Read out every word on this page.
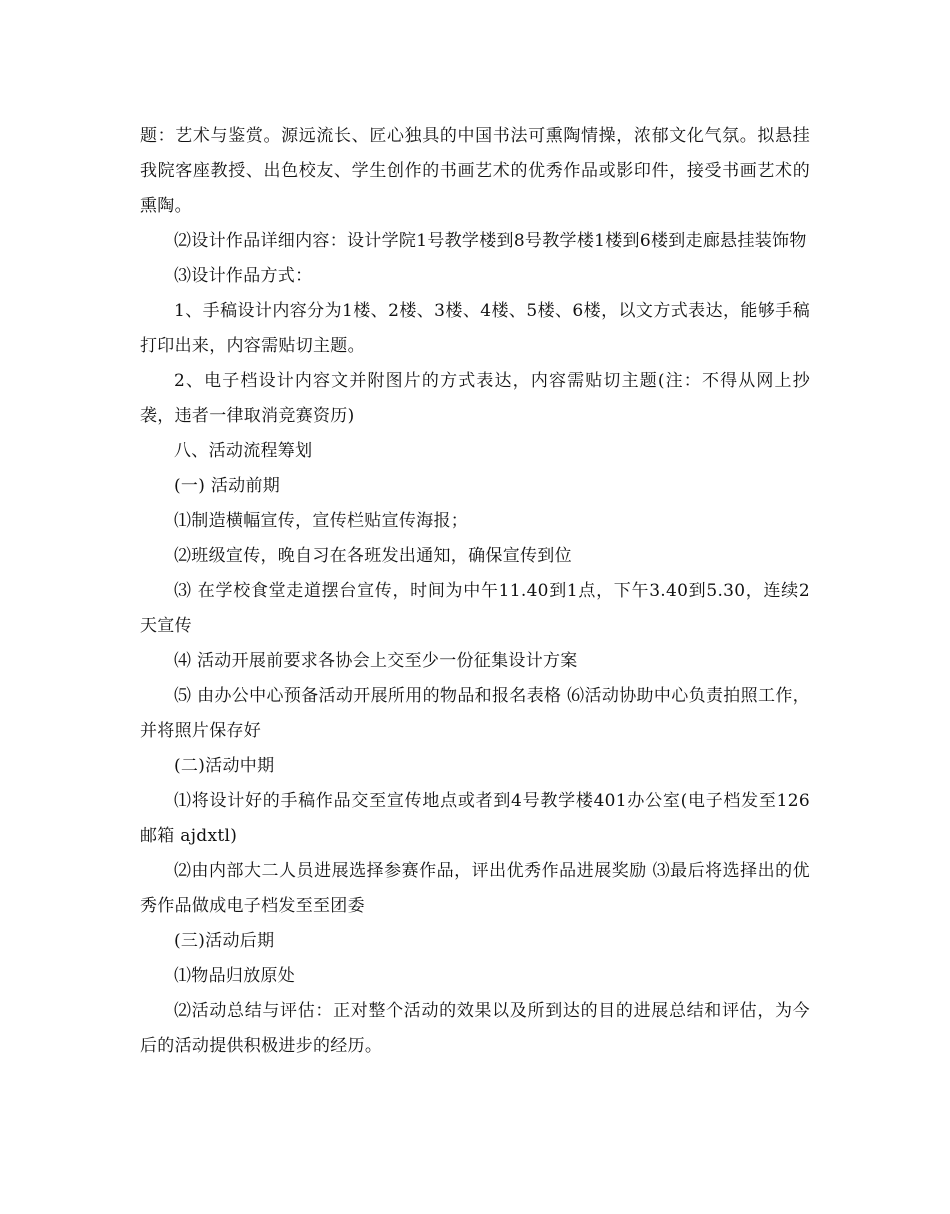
题：艺术与鉴赏。源远流长、匠心独具的中国书法可熏陶情操，浓郁文化气氛。拟悬挂我院客座教授、出色校友、学生创作的书画艺术的优秀作品或影印件，接受书画艺术的熏陶。

⑵设计作品详细内容：设计学院1号教学楼到8号教学楼1楼到6楼到走廊悬挂装饰物

⑶设计作品方式：

1、手稿设计内容分为1楼、2楼、3楼、4楼、5楼、6楼，以文方式表达，能够手稿打印出来，内容需贴切主题。

2、电子档设计内容文并附图片的方式表达，内容需贴切主题(注：不得从网上抄袭，违者一律取消竞赛资历)

八、活动流程筹划

(一) 活动前期

⑴制造横幅宣传，宣传栏贴宣传海报；

⑵班级宣传，晚自习在各班发出通知，确保宣传到位

⑶ 在学校食堂走道摆台宣传，时间为中午11.40到1点，下午3.40到5.30，连续2天宣传

⑷ 活动开展前要求各协会上交至少一份征集设计方案

⑸ 由办公中心预备活动开展所用的物品和报名表格 ⑹活动协助中心负责拍照工作，并将照片保存好

(二)活动中期

⑴将设计好的手稿作品交至宣传地点或者到4号教学楼401办公室(电子档发至126邮箱 ajdxtl)

⑵由内部大二人员进展选择参赛作品，评出优秀作品进展奖励 ⑶最后将选择出的优秀作品做成电子档发至至团委

(三)活动后期

⑴物品归放原处

⑵活动总结与评估：正对整个活动的效果以及所到达的目的进展总结和评估，为今后的活动提供积极进步的经历。
